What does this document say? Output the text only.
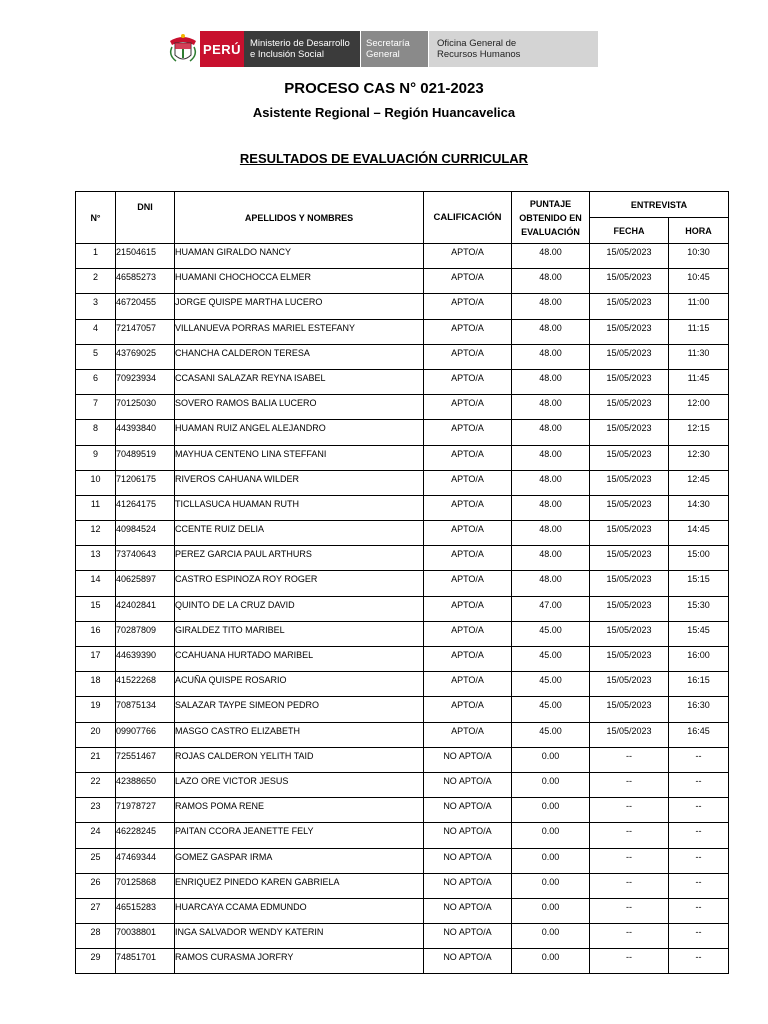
PERÚ Ministerio de Desarrollo
e Inclusión Social
Secretaría
General
Oficina General de
Recursos Humanos
PROCESO CAS N° 021-2023
Asistente Regional – Región Huancavelica
RESULTADOS DE EVALUACIÓN CURRICULAR
N°	DNI	APELLIDOS Y NOMBRES	CALIFICACIÓN	PUNTAJE
OBTENIDO EN
EVALUACIÓN	ENTREVISTA	
					FECHA	HORA
1	21504615	HUAMAN GIRALDO NANCY	APTO/A	48.00	15/05/2023	10:30
2	46585273	HUAMANI CHOCHOCCA ELMER	APTO/A	48.00	15/05/2023	10:45
3	46720455	JORGE QUISPE MARTHA LUCERO	APTO/A	48.00	15/05/2023	11:00
4	72147057	VILLANUEVA PORRAS MARIEL ESTEFANY	APTO/A	48.00	15/05/2023	11:15
5	43769025	CHANCHA CALDERON TERESA	APTO/A	48.00	15/05/2023	11:30
6	70923934	CCASANI SALAZAR REYNA ISABEL	APTO/A	48.00	15/05/2023	11:45
7	70125030	SOVERO RAMOS BALIA LUCERO	APTO/A	48.00	15/05/2023	12:00
8	44393840	HUAMAN RUIZ ANGEL ALEJANDRO	APTO/A	48.00	15/05/2023	12:15
9	70489519	MAYHUA CENTENO LINA STEFFANI	APTO/A	48.00	15/05/2023	12:30
10	71206175	RIVEROS CAHUANA WILDER	APTO/A	48.00	15/05/2023	12:45
11	41264175	TICLLASUCA HUAMAN RUTH	APTO/A	48.00	15/05/2023	14:30
12	40984524	CCENTE RUIZ DELIA	APTO/A	48.00	15/05/2023	14:45
13	73740643	PEREZ GARCIA PAUL ARTHURS	APTO/A	48.00	15/05/2023	15:00
14	40625897	CASTRO ESPINOZA ROY ROGER	APTO/A	48.00	15/05/2023	15:15
15	42402841	QUINTO DE LA CRUZ DAVID	APTO/A	47.00	15/05/2023	15:30
16	70287809	GIRALDEZ TITO MARIBEL	APTO/A	45.00	15/05/2023	15:45
17	44639390	CCAHUANA HURTADO MARIBEL	APTO/A	45.00	15/05/2023	16:00
18	41522268	ACUÑA QUISPE ROSARIO	APTO/A	45.00	15/05/2023	16:15
19	70875134	SALAZAR TAYPE SIMEON PEDRO	APTO/A	45.00	15/05/2023	16:30
20	09907766	MASGO CASTRO ELIZABETH	APTO/A	45.00	15/05/2023	16:45
21	72551467	ROJAS CALDERON YELITH TAID	NO APTO/A	0.00	--	--
22	42388650	LAZO ORE VICTOR JESUS	NO APTO/A	0.00	--	--
23	71978727	RAMOS POMA RENE	NO APTO/A	0.00	--	--
24	46228245	PAITAN CCORA JEANETTE FELY	NO APTO/A	0.00	--	--
25	47469344	GOMEZ GASPAR IRMA	NO APTO/A	0.00	--	--
26	70125868	ENRIQUEZ PINEDO KAREN GABRIELA	NO APTO/A	0.00	--	--
27	46515283	HUARCAYA CCAMA EDMUNDO	NO APTO/A	0.00	--	--
28	70038801	INGA SALVADOR WENDY KATERIN	NO APTO/A	0.00	--	--
29	74851701	RAMOS CURASMA JORFRY	NO APTO/A	0.00	--	--
